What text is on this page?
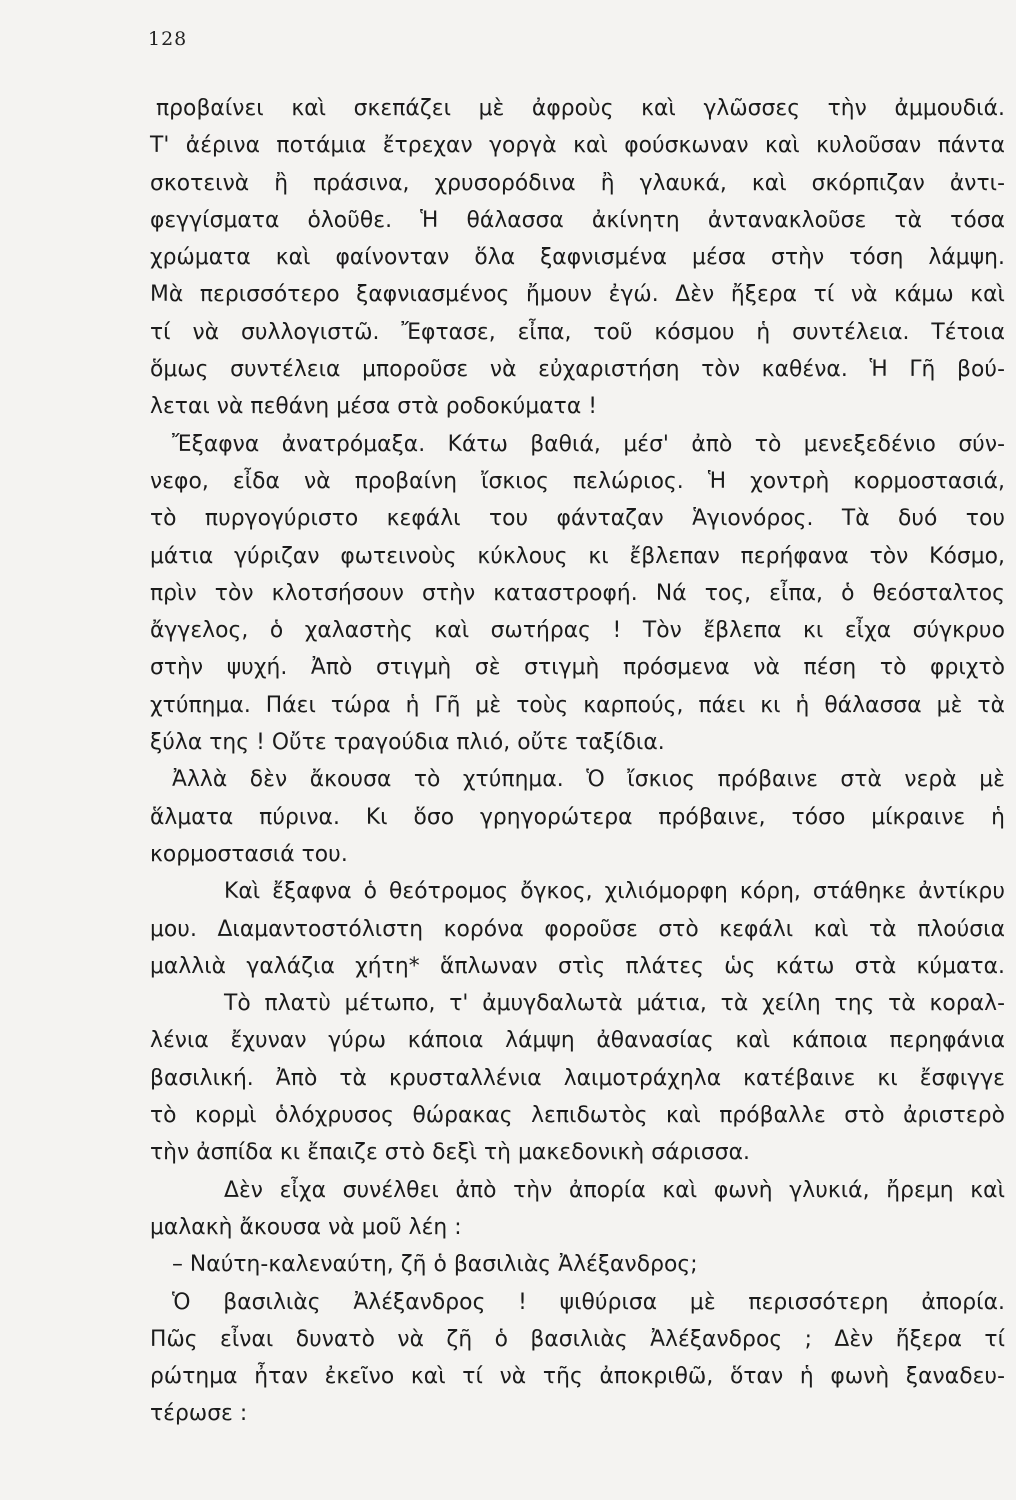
128
προβαίνει καὶ σκεπάζει μὲ ἀφροὺς καὶ γλῶσσες τὴν ἀμμουδιά.
Τ' ἀέρινα ποτάμια ἔτρεχαν γοργὰ καὶ φούσκωναν καὶ κυλοῦσαν πάντα
σκοτεινὰ ἢ πράσινα, χρυσορόδινα ἢ γλαυκά, καὶ σκόρπιζαν ἀντι-
φεγγίσματα ὁλοῦθε. Ἡ θάλασσα ἀκίνητη ἀντανακλοῦσε τὰ τόσα
χρώματα καὶ φαίνονταν ὅλα ξαφνισμένα μέσα στὴν τόση λάμψη.
Μὰ περισσότερο ξαφνιασμένος ἤμουν ἐγώ. Δὲν ἤξερα τί νὰ κάμω καὶ
τί νὰ συλλογιστῶ. Ἔφτασε, εἶπα, τοῦ κόσμου ἡ συντέλεια. Τέτοια
ὅμως συντέλεια μποροῦσε νὰ εὐχαριστήση τὸν καθένα. Ἡ Γῆ βού-
λεται νὰ πεθάνη μέσα στὰ ροδοκύματα !
Ἔξαφνα ἀνατρόμαξα. Κάτω βαθιά, μέσ' ἀπὸ τὸ μενεξεδένιο σύν-
νεφο, εἶδα νὰ προβαίνη ἴσκιος πελώριος. Ἡ χοντρὴ κορμοστασιά,
τὸ πυργογύριστο κεφάλι του φάνταζαν Ἁγιονόρος. Τὰ δυό του
μάτια γύριζαν φωτεινοὺς κύκλους κι ἔβλεπαν περήφανα τὸν Κόσμο,
πρὶν τὸν κλοτσήσουν στὴν καταστροφή. Νά τος, εἶπα, ὁ θεόσταλτος
ἄγγελος, ὁ χαλαστὴς καὶ σωτήρας ! Τὸν ἔβλεπα κι εἶχα σύγκρυο
στὴν ψυχή. Ἀπὸ στιγμὴ σὲ στιγμὴ πρόσμενα νὰ πέση τὸ φριχτὸ
χτύπημα. Πάει τώρα ἡ Γῆ μὲ τοὺς καρπούς, πάει κι ἡ θάλασσα μὲ τὰ
ξύλα της ! Οὔτε τραγούδια πλιό, οὔτε ταξίδια.
Ἀλλὰ δὲν ἄκουσα τὸ χτύπημα. Ὁ ἴσκιος πρόβαινε στὰ νερὰ μὲ
ἅλματα πύρινα. Κι ὅσο γρηγορώτερα πρόβαινε, τόσο μίκραινε ἡ
κορμοστασιά του.
Καὶ ἔξαφνα ὁ θεότρομος ὄγκος, χιλιόμορφη κόρη, στάθηκε ἀντίκρυ
μου. Διαμαντοστόλιστη κορόνα φοροῦσε στὸ κεφάλι καὶ τὰ πλούσια
μαλλιὰ γαλάζια χήτη* ἅπλωναν στὶς πλάτες ὡς κάτω στὰ κύματα.
Τὸ πλατὺ μέτωπο, τ' ἀμυγδαλωτὰ μάτια, τὰ χείλη της τὰ κοραλ-
λένια ἔχυναν γύρω κάποια λάμψη ἀθανασίας καὶ κάποια περηφάνια
βασιλική. Ἀπὸ τὰ κρυσταλλένια λαιμοτράχηλα κατέβαινε κι ἔσφιγγε
τὸ κορμὶ ὁλόχρυσος θώρακας λεπιδωτὸς καὶ πρόβαλλε στὸ ἀριστερὸ
τὴν ἀσπίδα κι ἔπαιζε στὸ δεξὶ τὴ μακεδονικὴ σάρισσα.
Δὲν εἶχα συνέλθει ἀπὸ τὴν ἀπορία καὶ φωνὴ γλυκιά, ἤρεμη καὶ
μαλακὴ ἄκουσα νὰ μοῦ λέη :
– Ναύτη-καλεναύτη, ζῆ ὁ βασιλιὰς Ἀλέξανδρος;
Ὁ βασιλιὰς Ἀλέξανδρος ! ψιθύρισα μὲ περισσότερη ἀπορία.
Πῶς εἶναι δυνατὸ νὰ ζῆ ὁ βασιλιὰς Ἀλέξανδρος ; Δὲν ἤξερα τί
ρώτημα ἦταν ἐκεῖνο καὶ τί νὰ τῆς ἀποκριθῶ, ὅταν ἡ φωνὴ ξαναδευ-
τέρωσε :
